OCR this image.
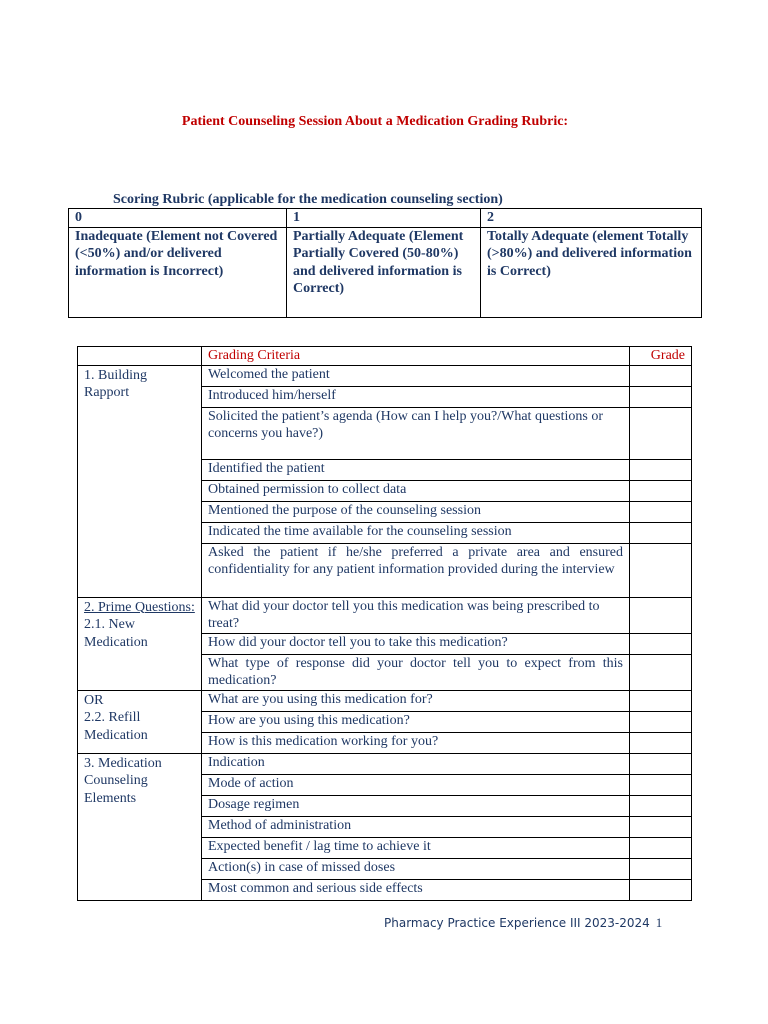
Patient Counseling Session About a Medication Grading Rubric:
Scoring Rubric (applicable for the medication counseling section)
0	1	2
Inadequate (Element not Covered (<50%) and/or delivered information is Incorrect)	Partially Adequate (Element Partially Covered (50-80%) and delivered information is Correct)	Totally Adequate (element Totally (>80%) and delivered information is Correct)
	Grading Criteria	Grade
1. Building Rapport	Welcomed the patient	
	Introduced him/herself	
	Solicited the patient’s agenda (How can I help you?/What questions or concerns you have?)	
	Identified the patient	
	Obtained permission to collect data	
	Mentioned the purpose of the counseling session	
	Indicated the time available for the counseling session	
	Asked the patient if he/she preferred a private area and ensured confidentiality for any patient information provided during the interview	

2. Prime Questions:
2.1. New Medication	What did your doctor tell you this medication was being prescribed to treat?	
	How did your doctor tell you to take this medication?	
	What type of response did your doctor tell you to expect from this medication?	

OR
2.2. Refill Medication	What are you using this medication for?	
	How are you using this medication?	
	How is this medication working for you?	
3. Medication Counseling Elements	Indication	
	Mode of action	
	Dosage regimen	
	Method of administration	
	Expected benefit / lag time to achieve it	
	Action(s) in case of missed doses	
	Most common and serious side effects	
Pharmacy Practice Experience III 2023-2024 1
